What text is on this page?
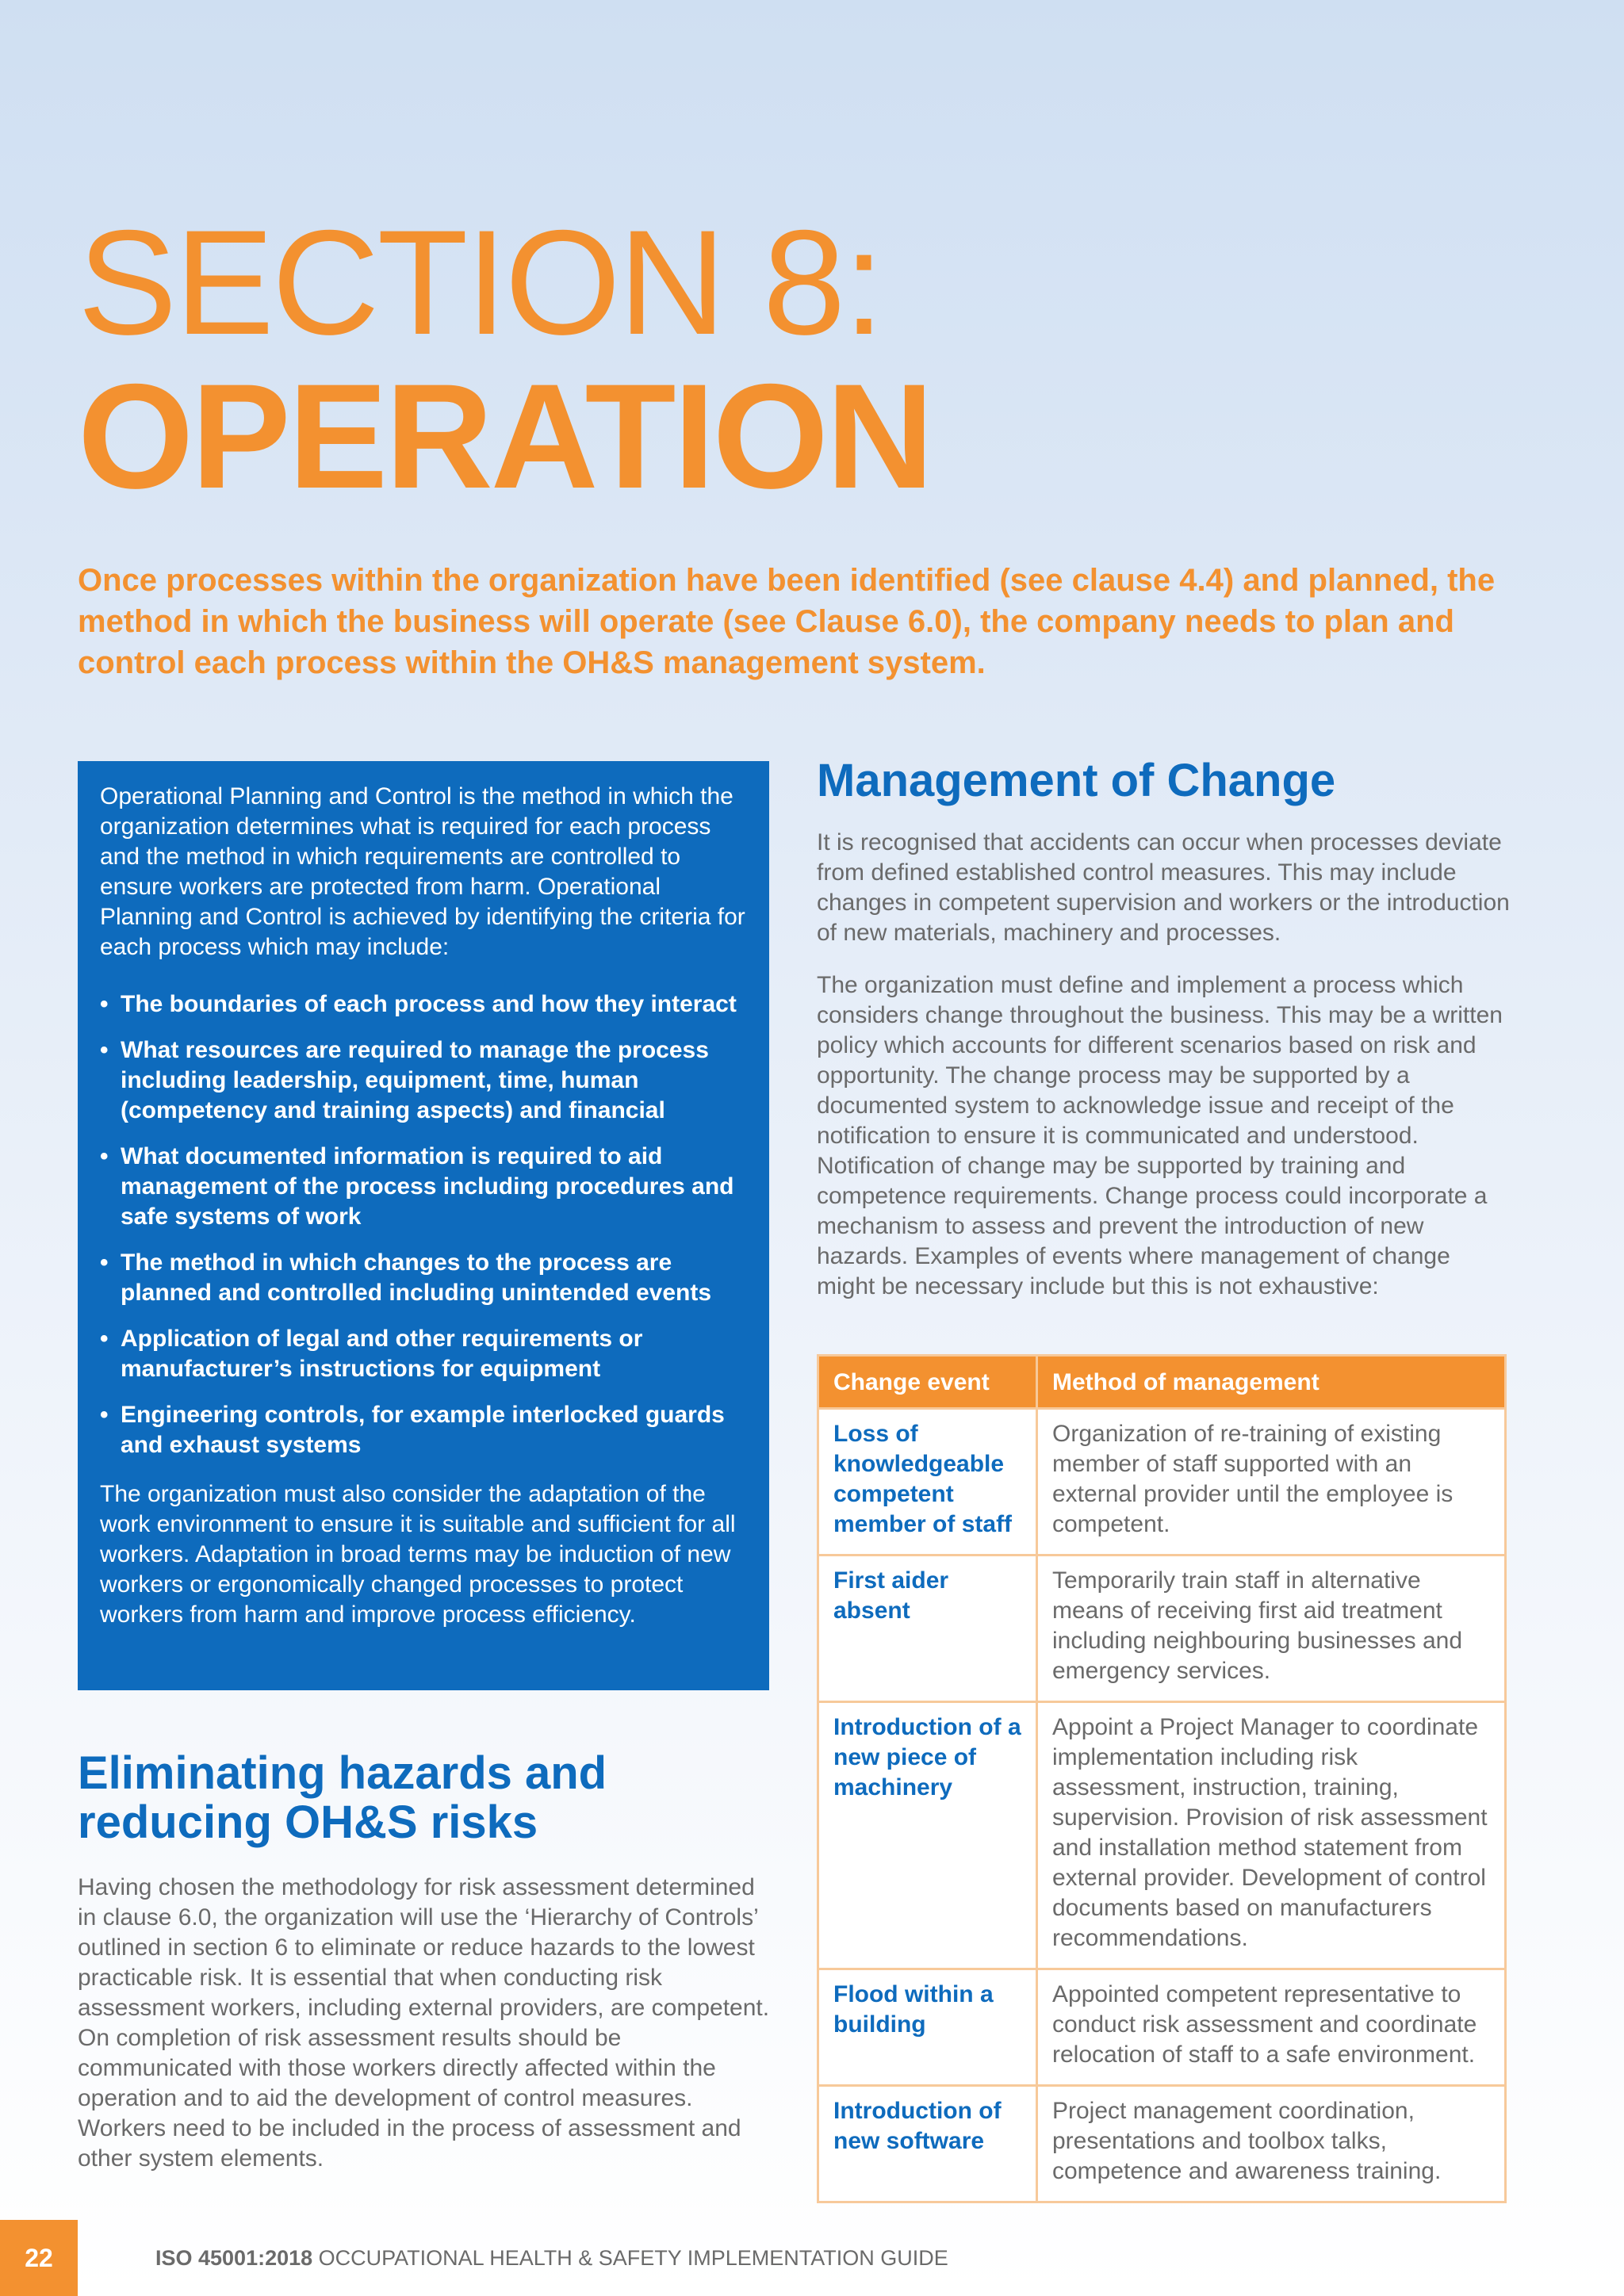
SECTION 8:
OPERATION
Once processes within the organization have been identified (see clause 4.4) and planned, the method in which the business will operate (see Clause 6.0), the company needs to plan and control each process within the OH&S management system.

Operational Planning and Control is the method in which the organization determines what is required for each process and the method in which requirements are controlled to ensure workers are protected from harm. Operational Planning and Control is achieved by identifying the criteria for each process which may include:

• The boundaries of each process and how they interact
• What resources are required to manage the process including leadership, equipment, time, human (competency and training aspects) and financial
• What documented information is required to aid management of the process including procedures and safe systems of work
• The method in which changes to the process are planned and controlled including unintended events
• Application of legal and other requirements or manufacturer’s instructions for equipment
• Engineering controls, for example interlocked guards and exhaust systems

The organization must also consider the adaptation of the work environment to ensure it is suitable and sufficient for all workers. Adaptation in broad terms may be induction of new workers or ergonomically changed processes to protect workers from harm and improve process efficiency.

Eliminating hazards and reducing OH&S risks

Having chosen the methodology for risk assessment determined in clause 6.0, the organization will use the ‘Hierarchy of Controls’ outlined in section 6 to eliminate or reduce hazards to the lowest practicable risk. It is essential that when conducting risk assessment workers, including external providers, are competent. On completion of risk assessment results should be communicated with those workers directly affected within the operation and to aid the development of control measures. Workers need to be included in the process of assessment and other system elements.

Management of Change

It is recognised that accidents can occur when processes deviate from defined established control measures. This may include changes in competent supervision and workers or the introduction of new materials, machinery and processes.

The organization must define and implement a process which considers change throughout the business. This may be a written policy which accounts for different scenarios based on risk and opportunity. The change process may be supported by a documented system to acknowledge issue and receipt of the notification to ensure it is communicated and understood. Notification of change may be supported by training and competence requirements. Change process could incorporate a mechanism to assess and prevent the introduction of new hazards. Examples of events where management of change might be necessary include but this is not exhaustive:

Change event	Method of management
Loss of knowledgeable competent member of staff	Organization of re-training of existing member of staff supported with an external provider until the employee is competent.
First aider absent	Temporarily train staff in alternative means of receiving first aid treatment including neighbouring businesses and emergency services.
Introduction of a new piece of machinery	Appoint a Project Manager to coordinate implementation including risk assessment, instruction, training, supervision. Provision of risk assessment and installation method statement from external provider. Development of control documents based on manufacturers recommendations.
Flood within a building	Appointed competent representative to conduct risk assessment and coordinate relocation of staff to a safe environment.
Introduction of new software	Project management coordination, presentations and toolbox talks, competence and awareness training.
22	ISO 45001:2018 OCCUPATIONAL HEALTH & SAFETY IMPLEMENTATION GUIDE
